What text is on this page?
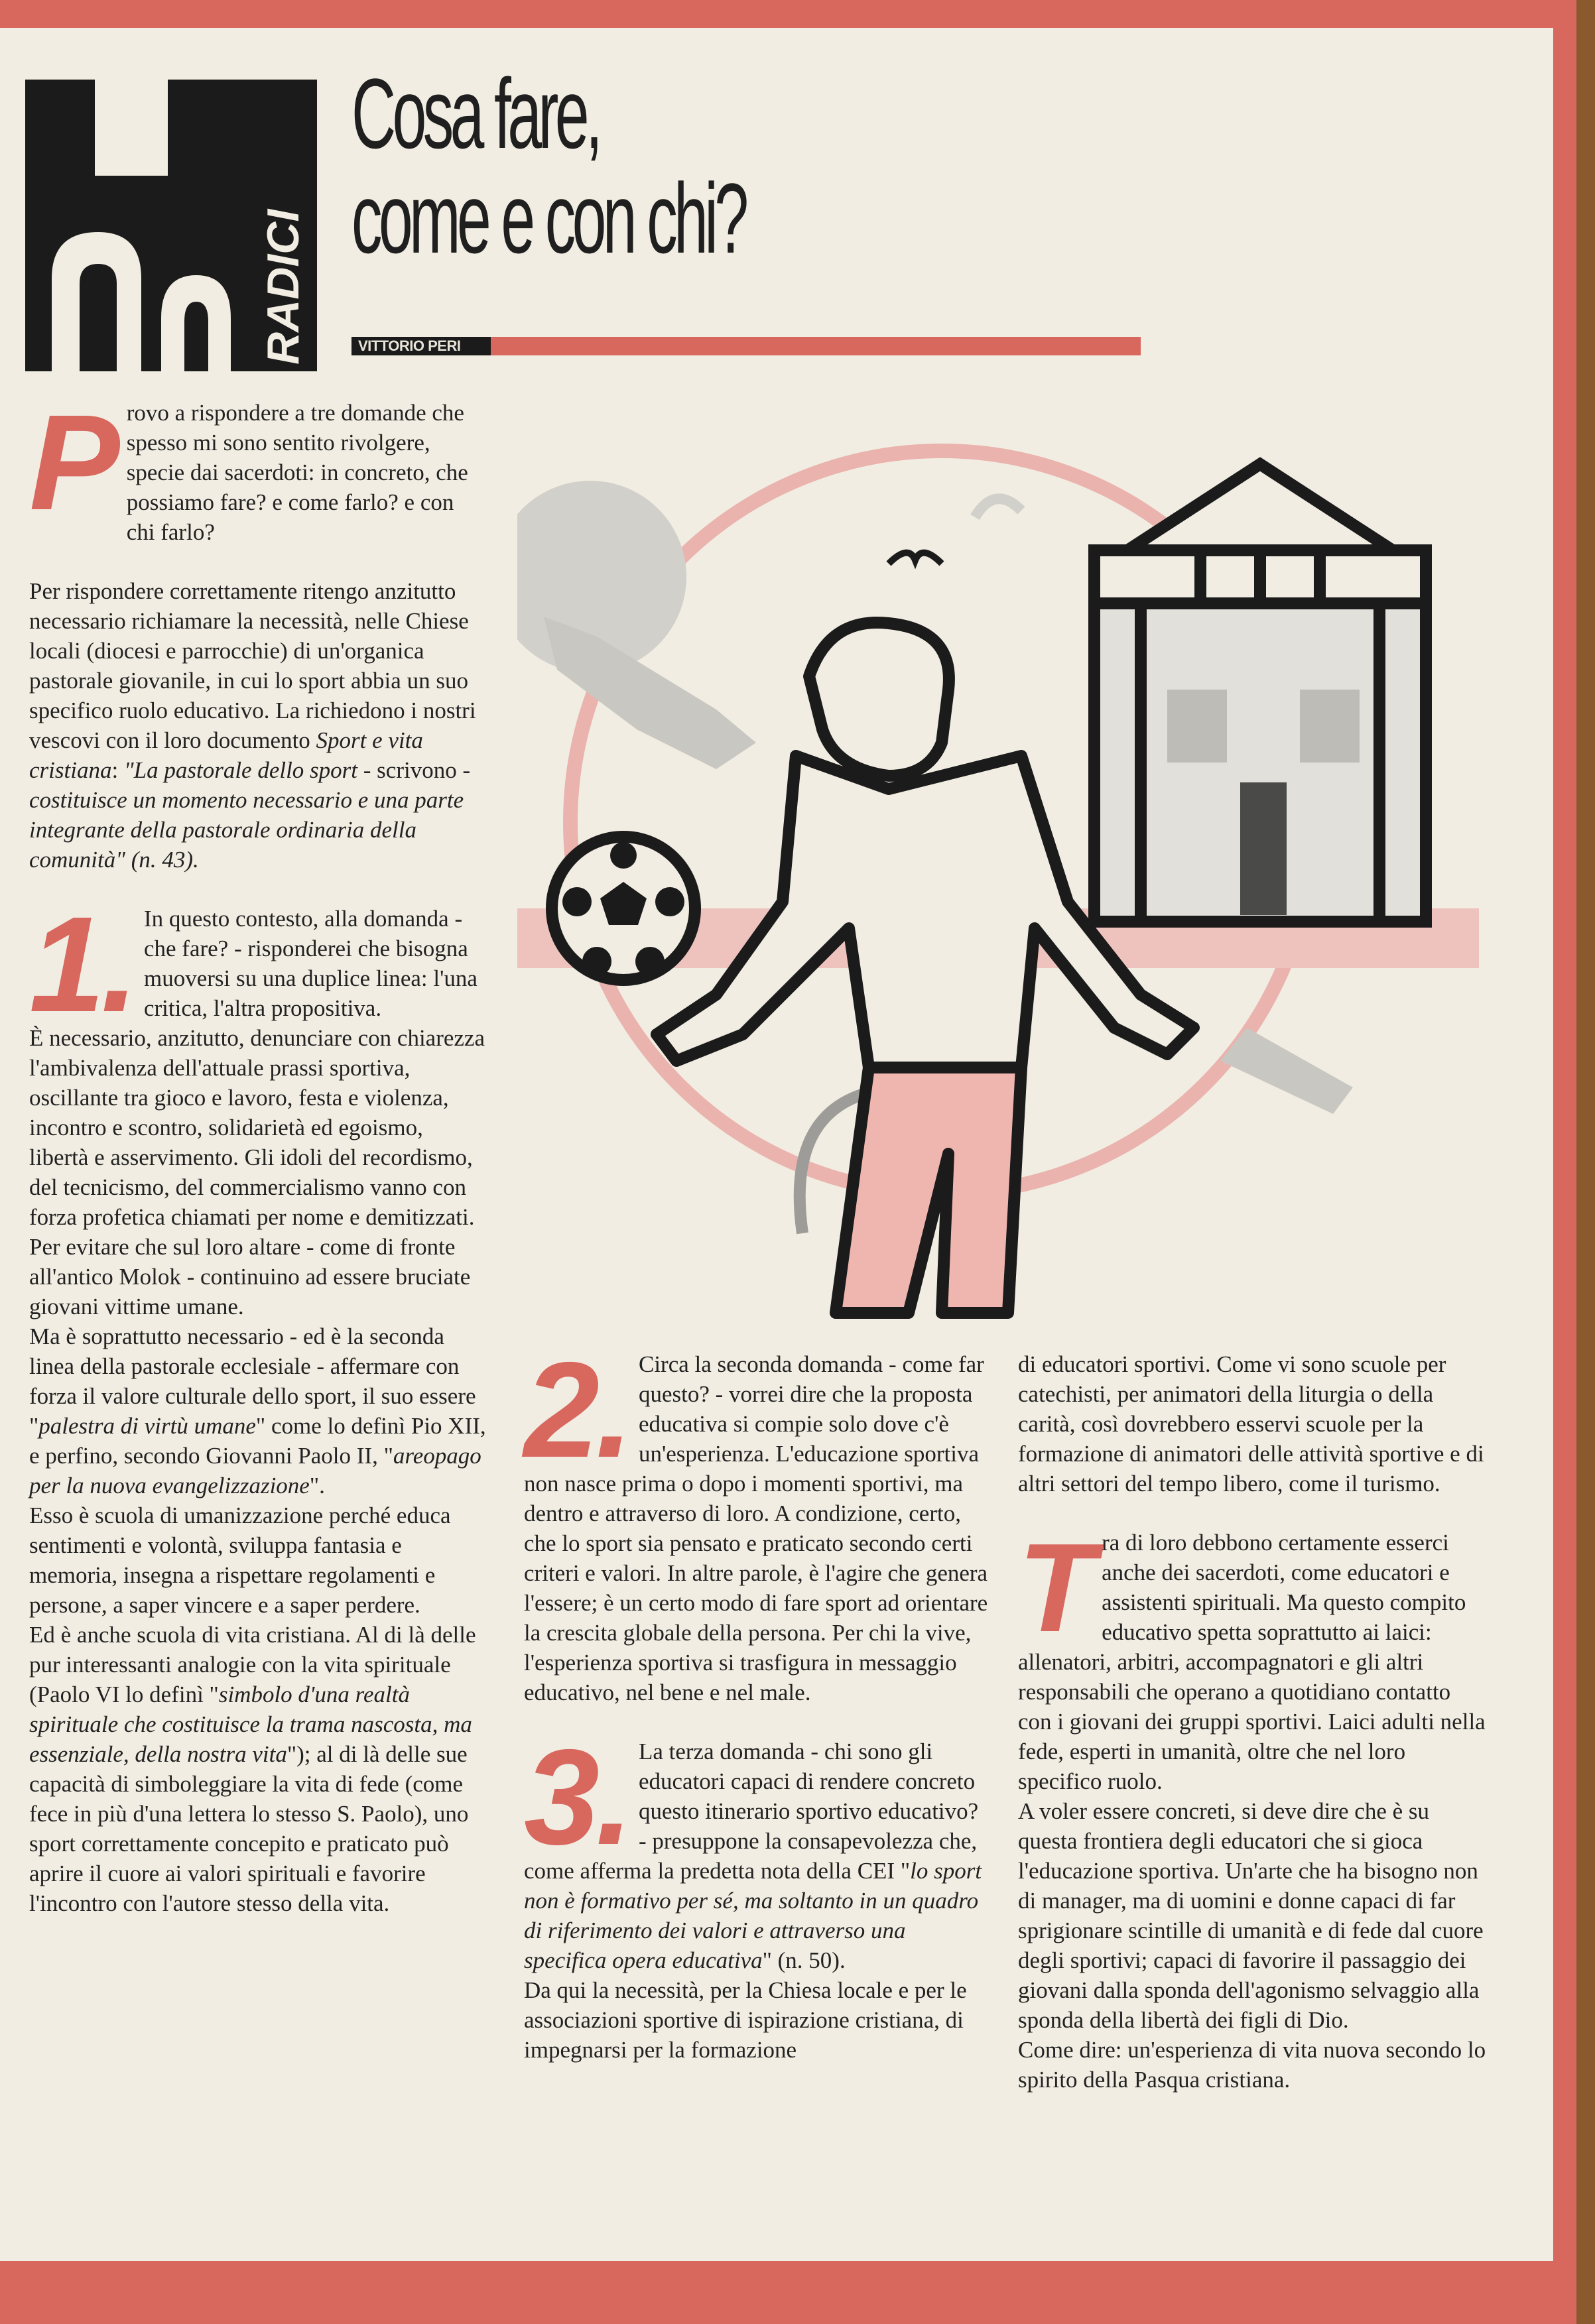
RADICI
Cosa fare,
come e con chi?
VITTORIO PERI

Provo a rispondere a tre domande che spesso mi sono sentito rivolgere, specie dai sacerdoti: in concreto, che possiamo fare? e come farlo? e con chi farlo?

Per rispondere correttamente ritengo anzitutto necessario richiamare la necessità, nelle Chiese locali (diocesi e parrocchie) di un'organica pastorale giovanile, in cui lo sport abbia un suo specifico ruolo educativo. La richiedono i nostri vescovi con il loro documento Sport e vita cristiana: "La pastorale dello sport - scrivono - costituisce un momento necessario e una parte integrante della pastorale ordinaria della comunità" (n. 43).

1. In questo contesto, alla domanda - che fare? - risponderei che bisogna muoversi su una duplice linea: l'una critica, l'altra propositiva.

È necessario, anzitutto, denunciare con chiarezza l'ambivalenza dell'attuale prassi sportiva, oscillante tra gioco e lavoro, festa e violenza, incontro e scontro, solidarietà ed egoismo, libertà e asservimento. Gli idoli del recordismo, del tecnicismo, del commercialismo vanno con forza profetica chiamati per nome e demitizzati. Per evitare che sul loro altare - come di fronte all'antico Molok - continuino ad essere bruciate giovani vittime umane.

Ma è soprattutto necessario - ed è la seconda linea della pastorale ecclesiale - affermare con forza il valore culturale dello sport, il suo essere "palestra di virtù umane" come lo definì Pio XII, e perfino, secondo Giovanni Paolo II, "areopago per la nuova evangelizzazione".

Esso è scuola di umanizzazione perché educa sentimenti e volontà, sviluppa fantasia e memoria, insegna a rispettare regolamenti e persone, a saper vincere e a saper perdere.

Ed è anche scuola di vita cristiana. Al di là delle pur interessanti analogie con la vita spirituale (Paolo VI lo definì "simbolo d'una realtà spirituale che costituisce la trama nascosta, ma essenziale, della nostra vita"); al di là delle sue capacità di simboleggiare la vita di fede (come fece in più d'una lettera lo stesso S. Paolo), uno sport correttamente concepito e praticato può aprire il cuore ai valori spirituali e favorire l'incontro con l'autore stesso della vita.

2. Circa la seconda domanda - come far questo? - vorrei dire che la proposta educativa si compie solo dove c'è un'esperienza. L'educazione sportiva non nasce prima o dopo i momenti sportivi, ma dentro e attraverso di loro. A condizione, certo, che lo sport sia pensato e praticato secondo certi criteri e valori. In altre parole, è l'agire che genera l'essere; è un certo modo di fare sport ad orientare la crescita globale della persona. Per chi la vive, l'esperienza sportiva si trasfigura in messaggio educativo, nel bene e nel male.

3. La terza domanda - chi sono gli educatori capaci di rendere concreto questo itinerario sportivo educativo? - presuppone la consapevolezza che, come afferma la predetta nota della CEI "lo sport non è formativo per sé, ma soltanto in un quadro di riferimento dei valori e attraverso una specifica opera educativa" (n. 50).

Da qui la necessità, per la Chiesa locale e per le associazioni sportive di ispirazione cristiana, di impegnarsi per la formazione

di educatori sportivi. Come vi sono scuole per catechisti, per animatori della liturgia o della carità, così dovrebbero esservi scuole per la formazione di animatori delle attività sportive e di altri settori del tempo libero, come il turismo.

Tra di loro debbono certamente esserci anche dei sacerdoti, come educatori e assistenti spirituali. Ma questo compito educativo spetta soprattutto ai laici: allenatori, arbitri, accompagnatori e gli altri responsabili che operano a quotidiano contatto con i giovani dei gruppi sportivi. Laici adulti nella fede, esperti in umanità, oltre che nel loro specifico ruolo.

A voler essere concreti, si deve dire che è su questa frontiera degli educatori che si gioca l'educazione sportiva. Un'arte che ha bisogno non di manager, ma di uomini e donne capaci di far sprigionare scintille di umanità e di fede dal cuore degli sportivi; capaci di favorire il passaggio dei giovani dalla sponda dell'agonismo selvaggio alla sponda della libertà dei figli di Dio.

Come dire: un'esperienza di vita nuova secondo lo spirito della Pasqua cristiana.
